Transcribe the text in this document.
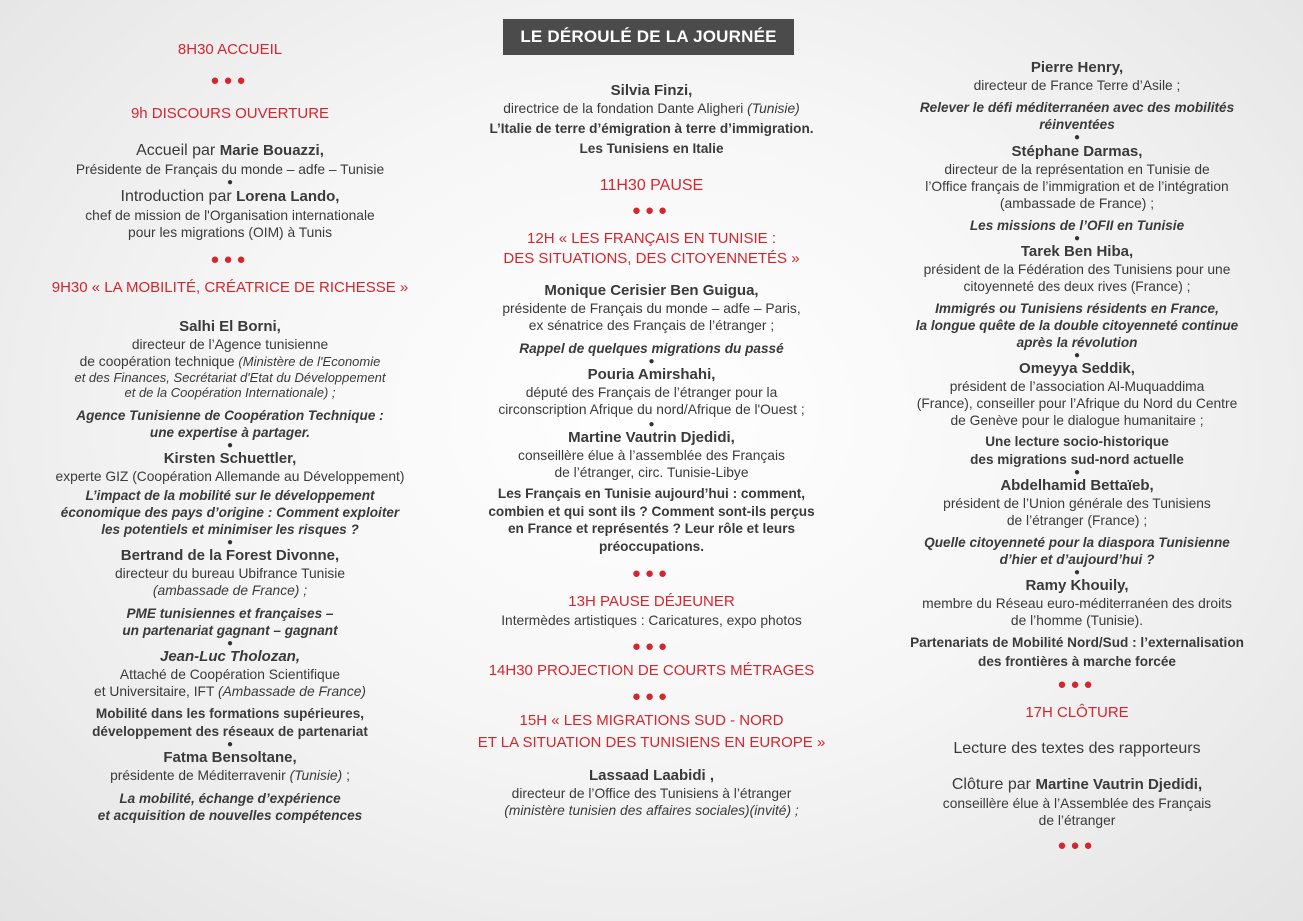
LE DÉROULÉ DE LA JOURNÉE
8H30 ACCUEIL
●●●
9h DISCOURS OUVERTURE
Accueil par Marie Bouazzi,
Présidente de Français du monde – adfe – Tunisie
●
Introduction par Lorena Lando,
chef de mission de l'Organisation internationale
pour les migrations (OIM) à Tunis
●●●
9H30 « LA MOBILITÉ, CRÉATRICE DE RICHESSE »
Salhi El Borni,
directeur de l’Agence tunisienne
de coopération technique (Ministère de l'Economie
et des Finances, Secrétariat d'Etat du Développement
et de la Coopération Internationale) ;
Agence Tunisienne de Coopération Technique :
une expertise à partager.
●
Kirsten Schuettler,
experte GIZ (Coopération Allemande au Développement)
L’impact de la mobilité sur le développement
économique des pays d’origine : Comment exploiter
les potentiels et minimiser les risques ?
●
Bertrand de la Forest Divonne,
directeur du bureau Ubifrance Tunisie
(ambassade de France) ;
PME tunisiennes et françaises –
un partenariat gagnant – gagnant
●
Jean-Luc Tholozan,
Attaché de Coopération Scientifique
et Universitaire, IFT (Ambassade de France)
Mobilité dans les formations supérieures,
développement des réseaux de partenariat
●
Fatma Bensoltane,
présidente de Méditerravenir (Tunisie) ;
La mobilité, échange d’expérience
et acquisition de nouvelles compétences
Silvia Finzi,
directrice de la fondation Dante Aligheri (Tunisie)
L’Italie de terre d’émigration à terre d’immigration.
Les Tunisiens en Italie
11H30 PAUSE
●●●
12H « LES FRANÇAIS EN TUNISIE :
DES SITUATIONS, DES CITOYENNETÉS »
Monique Cerisier Ben Guigua,
présidente de Français du monde – adfe – Paris,
ex sénatrice des Français de l’étranger ;
Rappel de quelques migrations du passé
●
Pouria Amirshahi,
député des Français de l’étranger pour la
circonscription Afrique du nord/Afrique de l'Ouest ;
●
Martine Vautrin Djedidi,
conseillère élue à l’assemblée des Français
de l’étranger, circ. Tunisie-Libye
Les Français en Tunisie aujourd’hui : comment,
combien et qui sont ils ? Comment sont-ils perçus
en France et représentés ? Leur rôle et leurs
préoccupations.
●●●
13H PAUSE DÉJEUNER
Intermèdes artistiques : Caricatures, expo photos
●●●
14H30 PROJECTION DE COURTS MÉTRAGES
●●●
15H « LES MIGRATIONS SUD - NORD
ET LA SITUATION DES TUNISIENS EN EUROPE »
Lassaad Laabidi ,
directeur de l’Office des Tunisiens à l’étranger
(ministère tunisien des affaires sociales)(invité) ;
Pierre Henry,
directeur de France Terre d’Asile ;
Relever le défi méditerranéen avec des mobilités
réinventées
●
Stéphane Darmas,
directeur de la représentation en Tunisie de
l’Office français de l’immigration et de l’intégration
(ambassade de France) ;
Les missions de l’OFII en Tunisie
●
Tarek Ben Hiba,
président de la Fédération des Tunisiens pour une
citoyenneté des deux rives (France) ;
Immigrés ou Tunisiens résidents en France,
la longue quête de la double citoyenneté continue
après la révolution
●
Omeyya Seddik,
président de l’association Al-Muquaddima
(France), conseiller pour l’Afrique du Nord du Centre
de Genève pour le dialogue humanitaire ;
Une lecture socio-historique
des migrations sud-nord actuelle
●
Abdelhamid Bettaïeb,
président de l’Union générale des Tunisiens
de l’étranger (France) ;
Quelle citoyenneté pour la diaspora Tunisienne
d’hier et d’aujourd’hui ?
●
Ramy Khouily,
membre du Réseau euro-méditerranéen des droits
de l’homme (Tunisie).
Partenariats de Mobilité Nord/Sud : l’externalisation
des frontières à marche forcée
●●●
17H CLÔTURE
Lecture des textes des rapporteurs
Clôture par Martine Vautrin Djedidi,
conseillère élue à l’Assemblée des Français
de l’étranger
●●●
